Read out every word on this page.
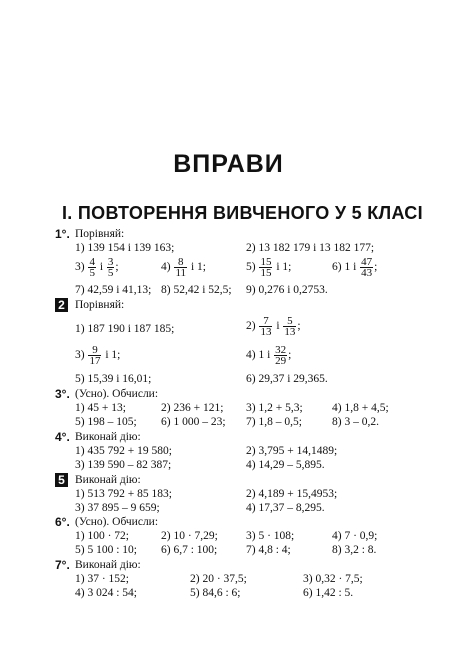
ВПРАВИ
І. ПОВТОРЕННЯ ВИВЧЕНОГО У 5 КЛАСІ
1°. Порівняй:
1) 139 154 і 139 163;	2) 13 182 179 і 13 182 177;
$3) \frac{4}{5}$ і $\frac{3}{5}$ ;	$4) \frac{8}{11}$ і 1;	$5) \frac{15}{15}$ і 1;	6) 1 і $\frac{47}{43}$ ;
7) 42,59 і 41,13; 8) 52,42 і 52,5; 9) 0,276 і 0,2753.
2 Порівняй:
1) 187 190 і 187 185;	$2) \frac{7}{13}$ і $\frac{5}{13}$ ;
$3) \frac{9}{17}$ і 1;	4) 1 і $\frac{32}{29}$ ;
5) 15,39 і 16,01;	6) 29,37 і 29,365.
3°. (Усно). Обчисли:
1) 45 + 13;	2) 236 + 121; 3) 1,2 + 5,3;	4) 1,8 + 4,5;
5) 198 – 105; 6) 1 000 – 23; 7) 1,8 – 0,5;	8) 3 – 0,2.
4°. Виконай дію:
1) 435 792 + 19 580;	2) 3,795 + 14,1489;
3) 139 590 – 82 387;	4) 14,29 – 5,895.
5 Виконай дію:
1) 513 792 + 85 183;	2) 4,189 + 15,4953;
3) 37 895 – 9 659;	4) 17,37 – 8,295.
6°. (Усно). Обчисли:
1) 100 · 72;	2) 10 · 7,29; 3) 5 · 108;	4) 7 · 0,9;
5) 5 100 : 10; 6) 6,7 : 100;	7) 4,8 : 4;	8) 3,2 : 8.
7°. Виконай дію:
1) 37 · 152;	2) 20 · 37,5;	3) 0,32 · 7,5;
4) 3 024 : 54;	5) 84,6 : 6;	6) 1,42 : 5.
